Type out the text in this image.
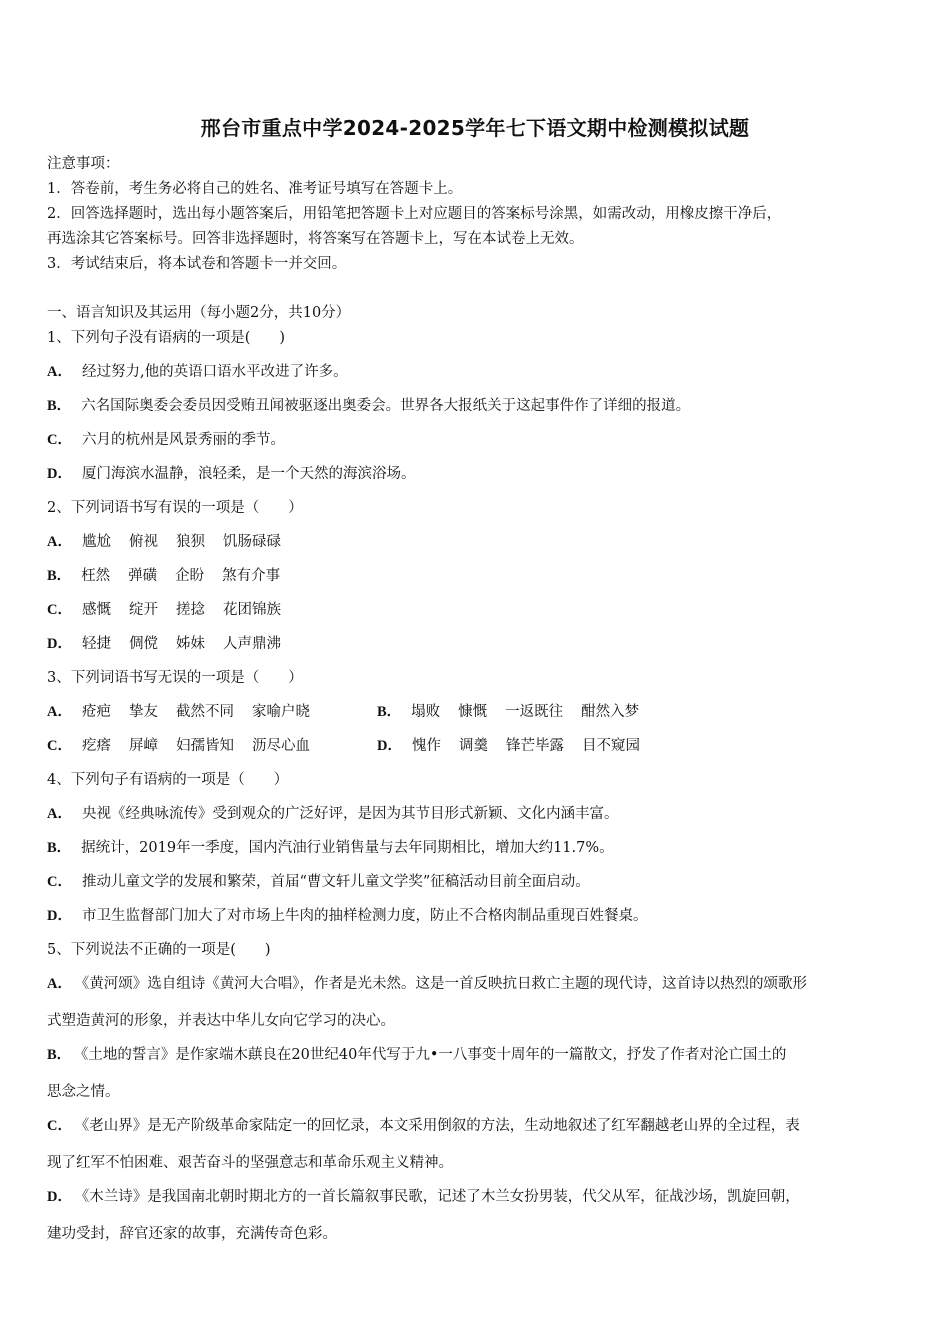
邢台市重点中学2024-2025学年七下语文期中检测模拟试题
注意事项：
1．答卷前，考生务必将自己的姓名、准考证号填写在答题卡上。
2．回答选择题时，选出每小题答案后，用铅笔把答题卡上对应题目的答案标号涂黑，如需改动，用橡皮擦干净后，
再选涂其它答案标号。回答非选择题时，将答案写在答题卡上，写在本试卷上无效。
3．考试结束后，将本试卷和答题卡一并交回。
一、语言知识及其运用（每小题2分，共10分）
1、下列句子没有语病的一项是(　　)
A． 经过努力,他的英语口语水平改进了许多。
B． 六名国际奥委会委员因受贿丑闻被驱逐出奥委会。世界各大报纸关于这起事件作了详细的报道。
C． 六月的杭州是风景秀丽的季节。
D． 厦门海滨水温静，浪轻柔，是一个天然的海滨浴场。
2、下列词语书写有误的一项是（　　）
A． 尴尬 俯视 狼狈 饥肠碌碌
B． 枉然 弹磺 企盼 煞有介事
C． 感慨 绽开 搓捻 花团锦族
D． 轻捷 倜傥 姊妹 人声鼎沸
3、下列词语书写无误的一项是（　　）
A． 疮疤 挚友 截然不同 家喻户晓	B． 塌败 慷慨 一返既往 酣然入梦
C． 疙瘩 屏嶂 妇孺皆知 沥尽心血	D． 愧作 调羹 锋芒毕露 目不窥园
4、下列句子有语病的一项是（　　）
A． 央视《经典咏流传》受到观众的广泛好评，是因为其节目形式新颖、文化内涵丰富。
B． 据统计，2019年一季度，国内汽油行业销售量与去年同期相比，增加大约11.7%。
C． 推动儿童文学的发展和繁荣，首届“曹文轩儿童文学奖”征稿活动目前全面启动。
D． 市卫生监督部门加大了对市场上牛肉的抽样检测力度，防止不合格肉制品重现百姓餐桌。
5、下列说法不正确的一项是(　　)
A． 《黄河颂》选自组诗《黄河大合唱》，作者是光未然。这是一首反映抗日救亡主题的现代诗，这首诗以热烈的颂歌形
式塑造黄河的形象，并表达中华儿女向它学习的决心。
B． 《土地的誓言》是作家端木蕻良在20世纪40年代写于九•一八事变十周年的一篇散文，抒发了作者对沦亡国土的
思念之情。
C． 《老山界》是无产阶级革命家陆定一的回忆录，本文采用倒叙的方法，生动地叙述了红军翻越老山界的全过程，表
现了红军不怕困难、艰苦奋斗的坚强意志和革命乐观主义精神。
D． 《木兰诗》是我国南北朝时期北方的一首长篇叙事民歌，记述了木兰女扮男装，代父从军，征战沙场，凯旋回朝，
建功受封，辞官还家的故事，充满传奇色彩。
